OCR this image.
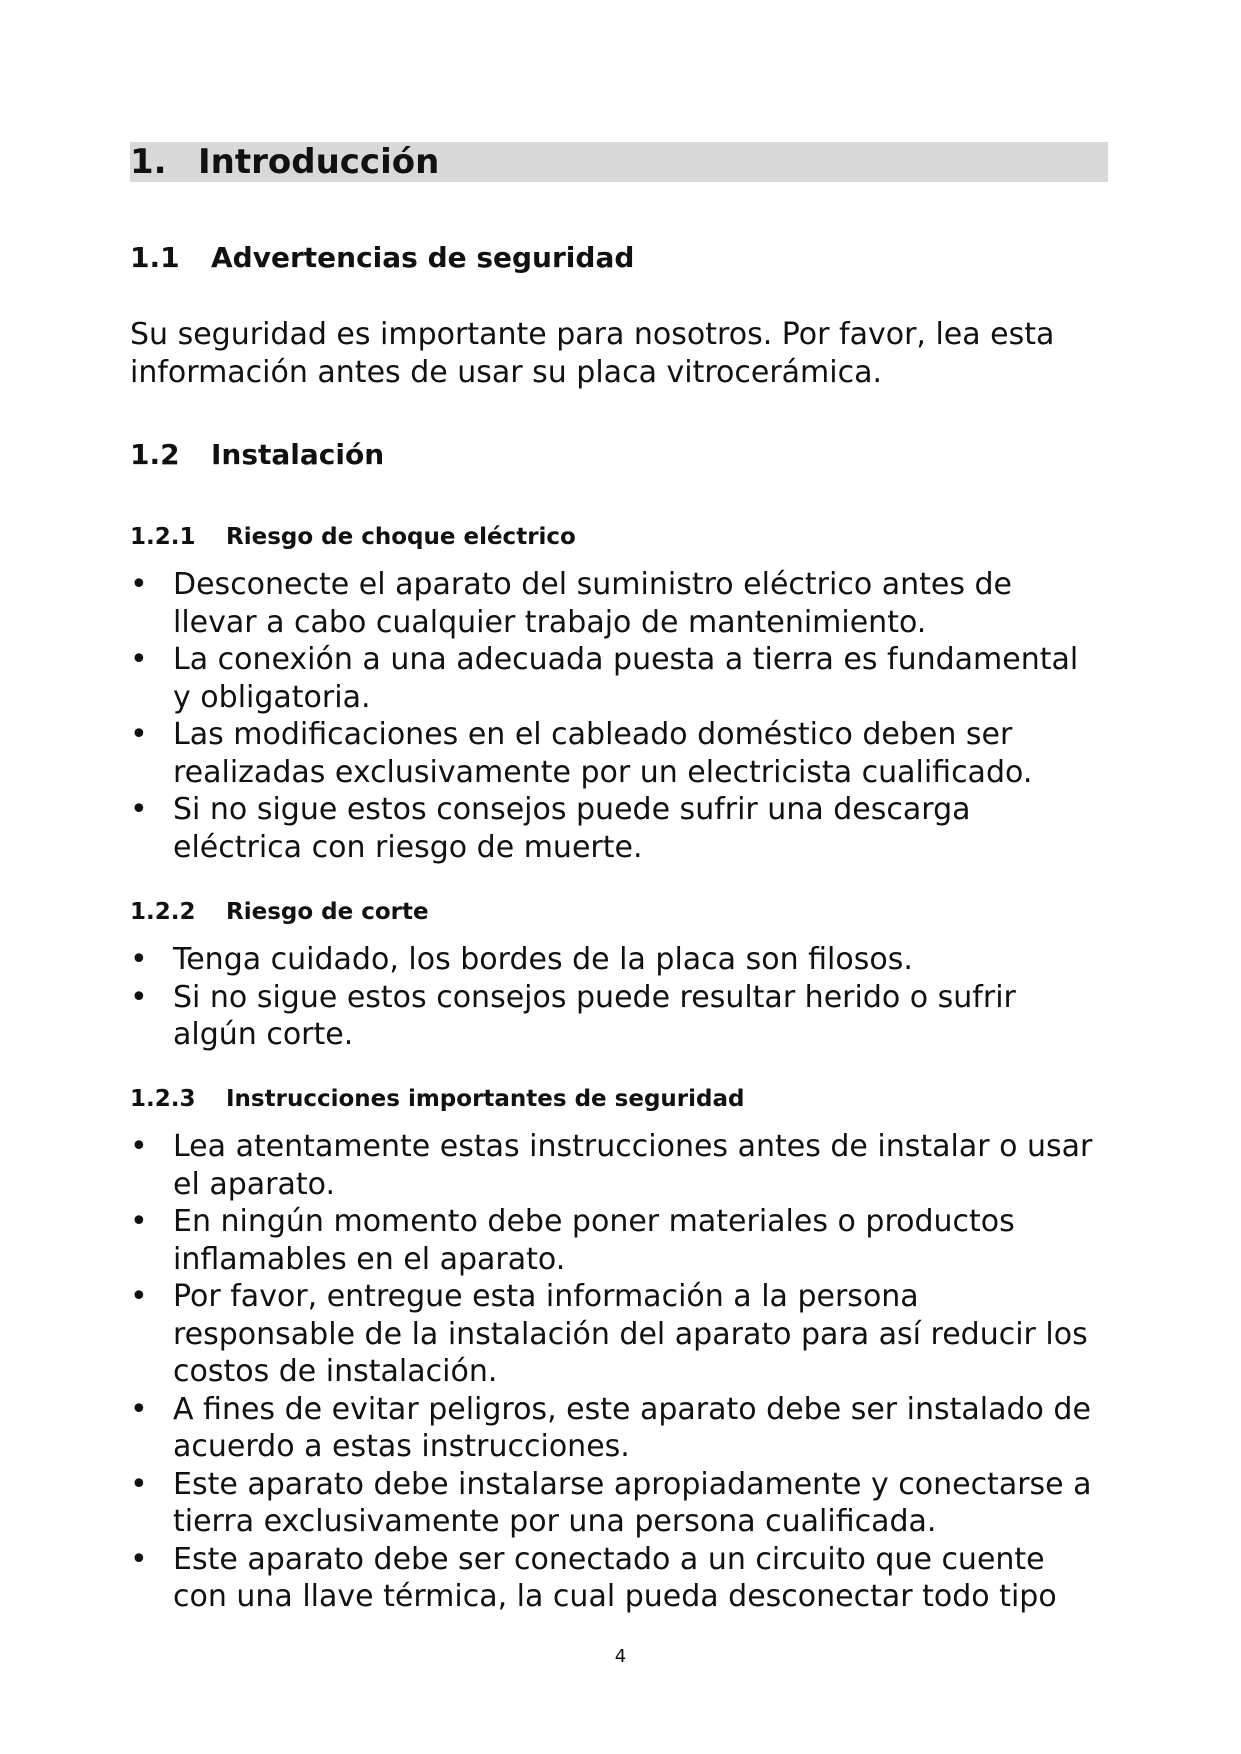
1. Introducción
1.1 Advertencias de seguridad
Su seguridad es importante para nosotros. Por favor, lea esta
información antes de usar su placa vitrocerámica.
1.2 Instalación
1.2.1 Riesgo de choque eléctrico
• Desconecte el aparato del suministro eléctrico antes de
llevar a cabo cualquier trabajo de mantenimiento.
• La conexión a una adecuada puesta a tierra es fundamental
y obligatoria.
• Las modificaciones en el cableado doméstico deben ser
realizadas exclusivamente por un electricista cualificado.
• Si no sigue estos consejos puede sufrir una descarga
eléctrica con riesgo de muerte.
1.2.2 Riesgo de corte
• Tenga cuidado, los bordes de la placa son filosos.
• Si no sigue estos consejos puede resultar herido o sufrir
algún corte.
1.2.3 Instrucciones importantes de seguridad
• Lea atentamente estas instrucciones antes de instalar o usar
el aparato.
• En ningún momento debe poner materiales o productos
inflamables en el aparato.
• Por favor, entregue esta información a la persona
responsable de la instalación del aparato para así reducir los
costos de instalación.
• A fines de evitar peligros, este aparato debe ser instalado de
acuerdo a estas instrucciones.
• Este aparato debe instalarse apropiadamente y conectarse a
tierra exclusivamente por una persona cualificada.
• Este aparato debe ser conectado a un circuito que cuente
con una llave térmica, la cual pueda desconectar todo tipo
4
